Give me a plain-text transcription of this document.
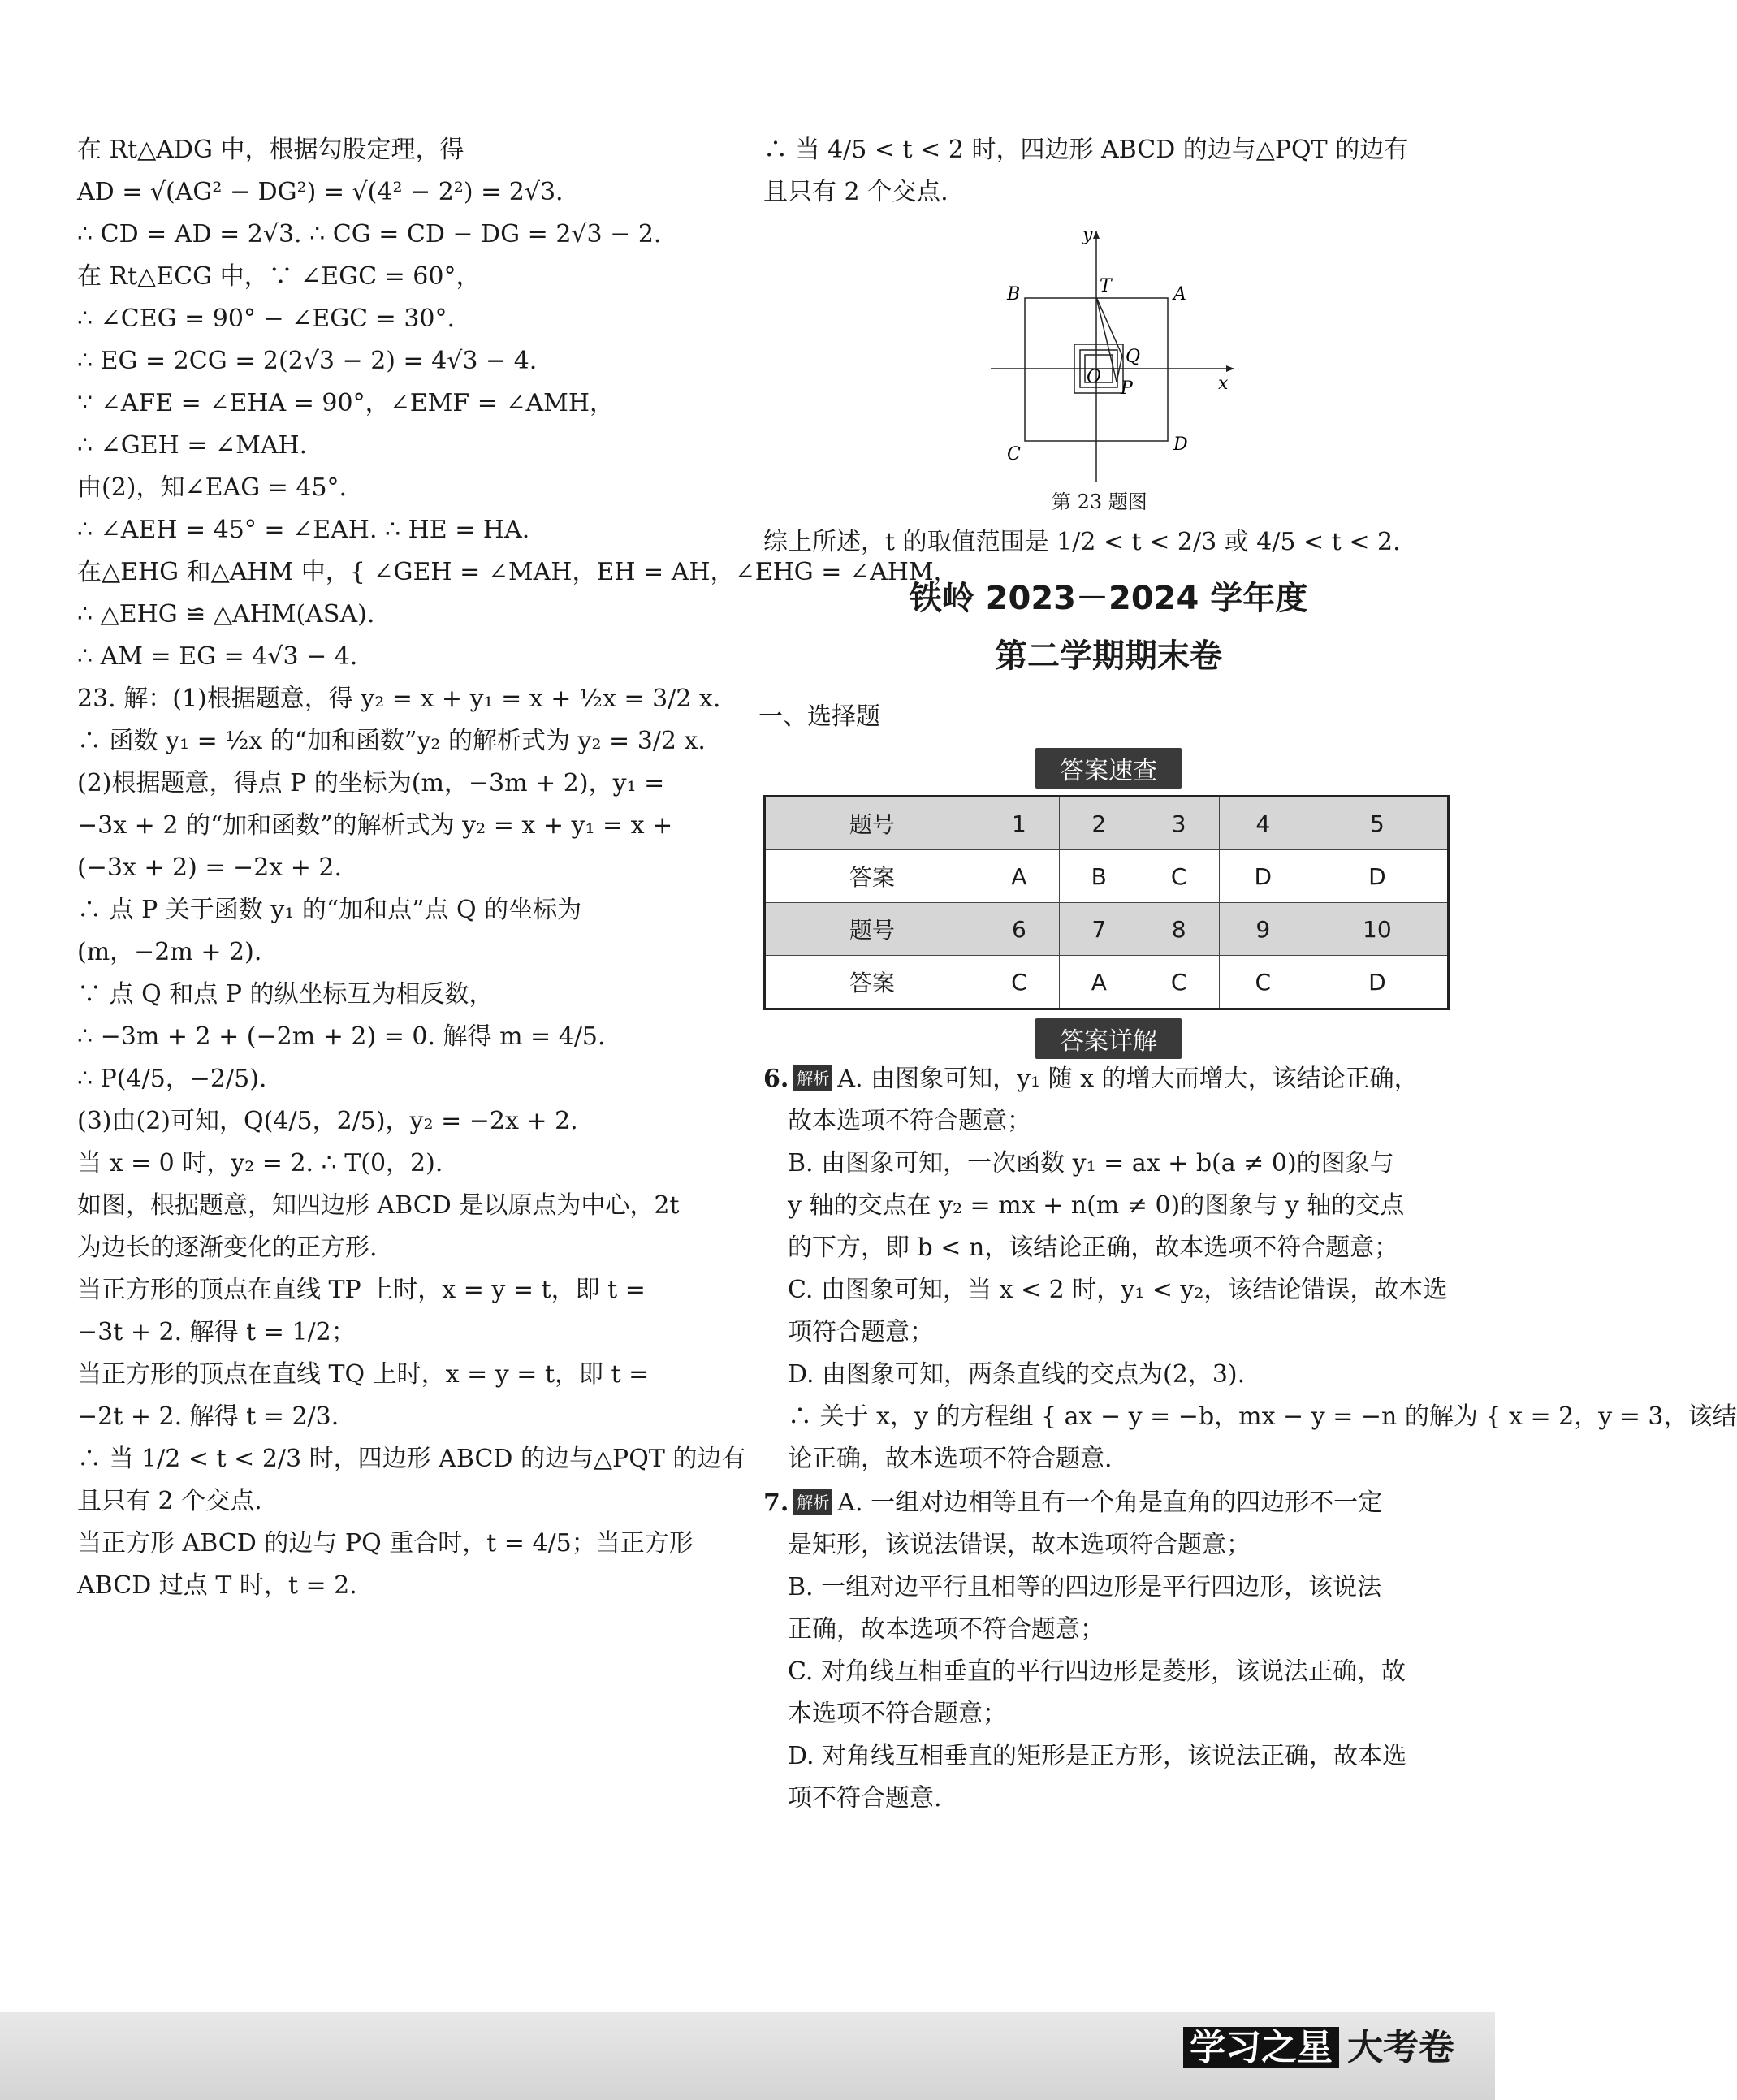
在 Rt△ADG 中，根据勾股定理，得
AD = √(AG² − DG²) = √(4² − 2²) = 2√3.
∴ CD = AD = 2√3. ∴ CG = CD − DG = 2√3 − 2.
在 Rt△ECG 中，∵ ∠EGC = 60°，
∴ ∠CEG = 90° − ∠EGC = 30°.
∴ EG = 2CG = 2(2√3 − 2) = 4√3 − 4.
∵ ∠AFE = ∠EHA = 90°，∠EMF = ∠AMH，
∴ ∠GEH = ∠MAH.
由(2)，知∠EAG = 45°.
∴ ∠AEH = 45° = ∠EAH. ∴ HE = HA.
在△EHG 和△AHM 中，{ ∠GEH = ∠MAH，EH = AH，∠EHG = ∠AHM，
∴ △EHG ≌ △AHM(ASA).
∴ AM = EG = 4√3 − 4.
23. 解：(1)根据题意，得 y₂ = x + y₁ = x + ½x = 3/2 x.
∴ 函数 y₁ = ½x 的“加和函数”y₂ 的解析式为 y₂ = 3/2 x.
(2)根据题意，得点 P 的坐标为(m，−3m + 2)，y₁ =
−3x + 2 的“加和函数”的解析式为 y₂ = x + y₁ = x +
(−3x + 2) = −2x + 2.
∴ 点 P 关于函数 y₁ 的“加和点”点 Q 的坐标为
(m，−2m + 2).
∵ 点 Q 和点 P 的纵坐标互为相反数，
∴ −3m + 2 + (−2m + 2) = 0. 解得 m = 4/5.
∴ P(4/5，−2/5).
(3)由(2)可知，Q(4/5，2/5)，y₂ = −2x + 2.
当 x = 0 时，y₂ = 2. ∴ T(0，2).
如图，根据题意，知四边形 ABCD 是以原点为中心，2t
为边长的逐渐变化的正方形.
当正方形的顶点在直线 TP 上时，x = y = t，即 t =
−3t + 2. 解得 t = 1/2；
当正方形的顶点在直线 TQ 上时，x = y = t，即 t =
−2t + 2. 解得 t = 2/3.
∴ 当 1/2 < t < 2/3 时，四边形 ABCD 的边与△PQT 的边有
且只有 2 个交点.
当正方形 ABCD 的边与 PQ 重合时，t = 4/5；当正方形
ABCD 过点 T 时，t = 2.
∴ 当 4/5 < t < 2 时，四边形 ABCD 的边与△PQT 的边有
且只有 2 个交点.
y
x
B	T	A
Q
O
P
C	D
第 23 题图
综上所述，t 的取值范围是 1/2 < t < 2/3 或 4/5 < t < 2.
铁岭 2023－2024 学年度
第二学期期末卷
一、选择题
答案速查
题号	1	2	3	4	5
答案	A	B	C	D	D
题号	6	7	8	9	10
答案	C	A	C	C	D
答案详解
6. 解析 A. 由图象可知，y₁ 随 x 的增大而增大，该结论正确，
故本选项不符合题意；
B. 由图象可知，一次函数 y₁ = ax + b(a ≠ 0)的图象与
y 轴的交点在 y₂ = mx + n(m ≠ 0)的图象与 y 轴的交点
的下方，即 b < n，该结论正确，故本选项不符合题意；
C. 由图象可知，当 x < 2 时，y₁ < y₂，该结论错误，故本选
项符合题意；
D. 由图象可知，两条直线的交点为(2，3).
∴ 关于 x，y 的方程组 { ax − y = −b，mx − y = −n 的解为 { x = 2，y = 3，该结
论正确，故本选项不符合题意.
7. 解析 A. 一组对边相等且有一个角是直角的四边形不一定
是矩形，该说法错误，故本选项符合题意；
B. 一组对边平行且相等的四边形是平行四边形，该说法
正确，故本选项不符合题意；
C. 对角线互相垂直的平行四边形是菱形，该说法正确，故
本选项不符合题意；
D. 对角线互相垂直的矩形是正方形，该说法正确，故本选
项不符合题意.
学习之星 大考卷
